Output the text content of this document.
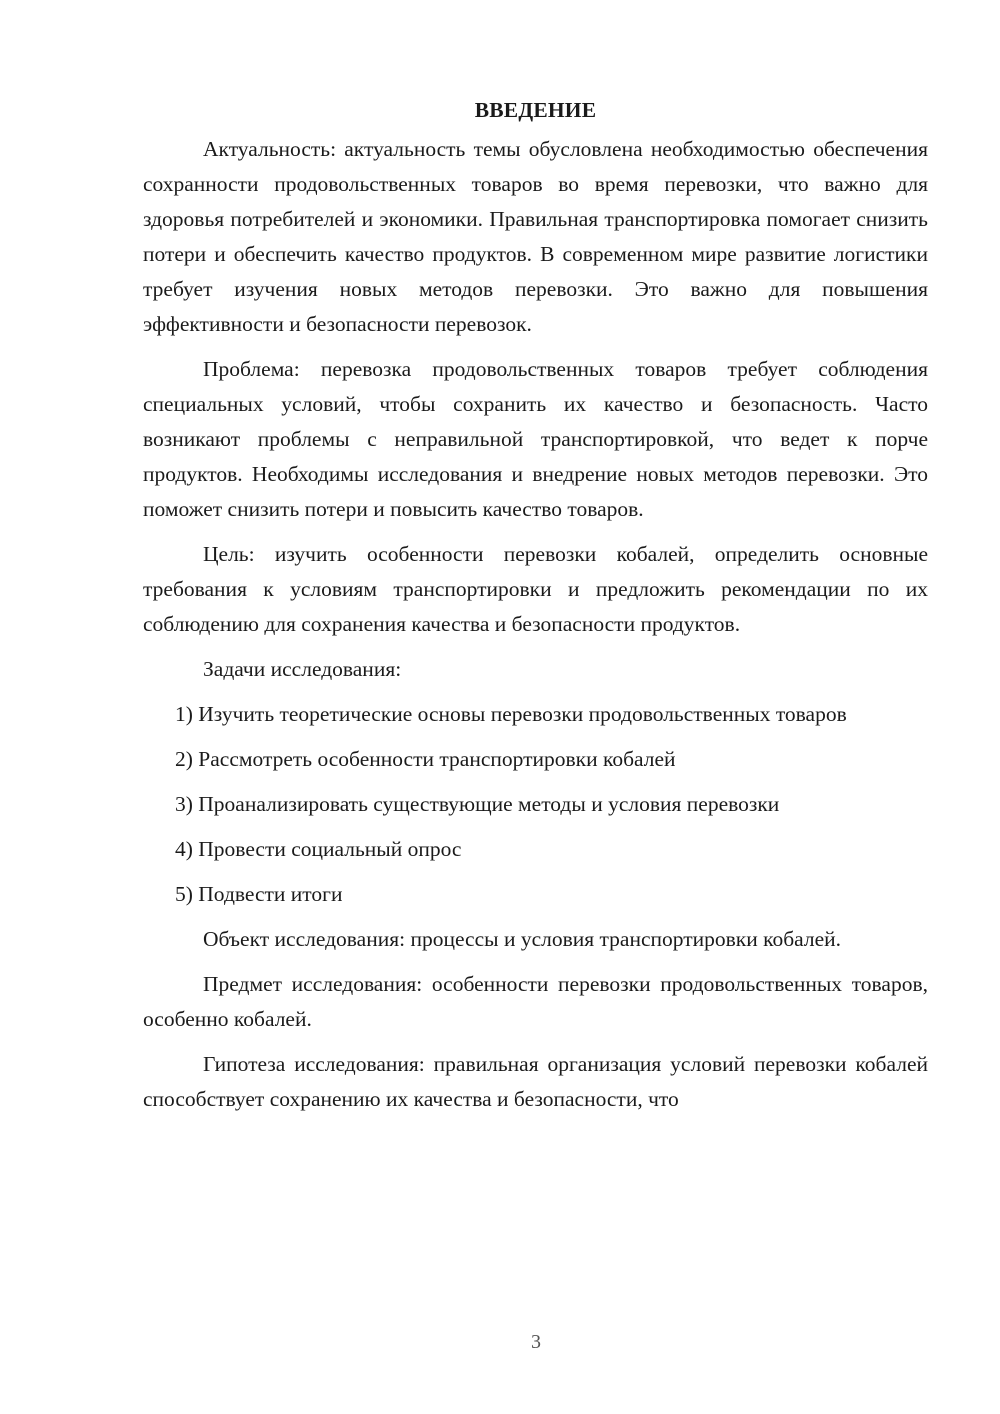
ВВЕДЕНИЕ

Актуальность: актуальность темы обусловлена необходимостью обеспечения сохранности продовольственных товаров во время перевозки, что важно для здоровья потребителей и экономики. Правильная транспортировка помогает снизить потери и обеспечить качество продуктов. В современном мире развитие логистики требует изучения новых методов перевозки. Это важно для повышения эффективности и безопасности перевозок.

Проблема: перевозка продовольственных товаров требует соблюдения специальных условий, чтобы сохранить их качество и безопасность. Часто возникают проблемы с неправильной транспортировкой, что ведет к порче продуктов. Необходимы исследования и внедрение новых методов перевозки. Это поможет снизить потери и повысить качество товаров.

Цель: изучить особенности перевозки кобалей, определить основные требования к условиям транспортировки и предложить рекомендации по их соблюдению для сохранения качества и безопасности продуктов.

Задачи исследования:

1) Изучить теоретические основы перевозки продовольственных товаров

2) Рассмотреть особенности транспортировки кобалей

3) Проанализировать существующие методы и условия перевозки

4) Провести социальный опрос

5) Подвести итоги

Объект исследования: процессы и условия транспортировки кобалей.

Предмет исследования: особенности перевозки продовольственных товаров, особенно кобалей.

Гипотеза исследования: правильная организация условий перевозки кобалей способствует сохранению их качества и безопасности, что

3
